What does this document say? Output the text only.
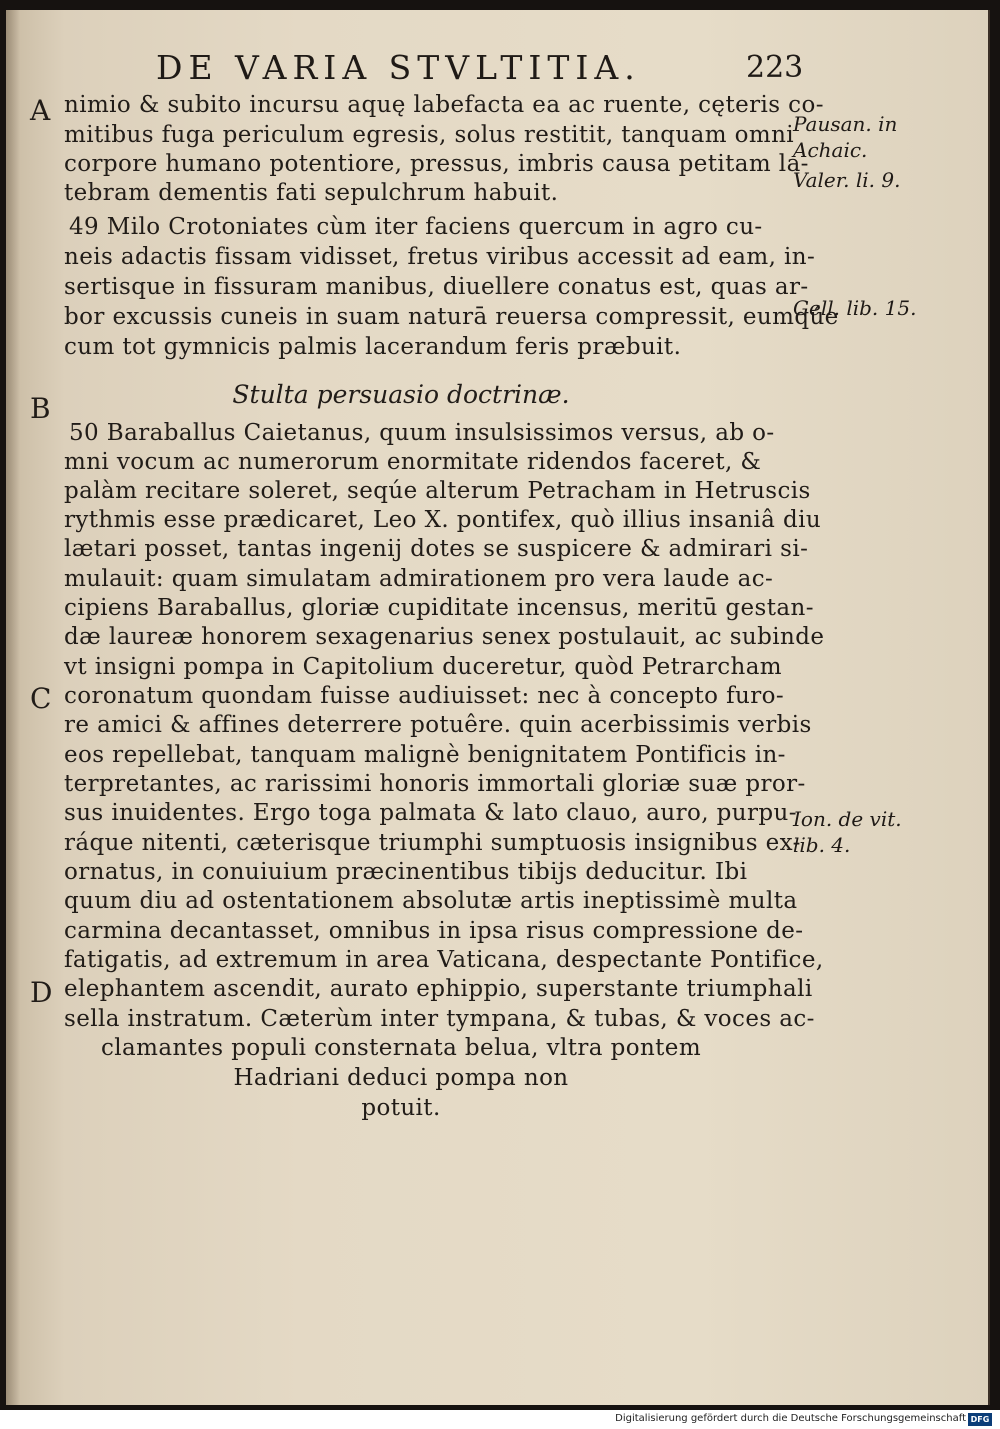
DE VARIA STVLTITIA.	223
A
B
C
D
nimio & subito incursu aquę labefacta ea ac ruente, cęteris co-
mitibus fuga periculum egresis, solus restitit, tanquam omni
corpore humano potentiore, pressus, imbris causa petitam la-
tebram dementis fati sepulchrum habuit.
49 Milo Crotoniates cùm iter faciens quercum in agro cu-
neis adactis fissam vidisset, fretus viribus accessit ad eam, in-
sertisque in fissuram manibus, diuellere conatus est, quas ar-
bor excussis cuneis in suam naturā reuersa compressit, eumqúe
cum tot gymnicis palmis lacerandum feris præbuit.
Stulta persuasio doctrinæ.
50 Baraballus Caietanus, quum insulsissimos versus, ab o-
mni vocum ac numerorum enormitate ridendos faceret, &
palàm recitare soleret, seqúe alterum Petracham in Hetruscis
rythmis esse prædicaret, Leo X. pontifex, quò illius insaniâ diu
lætari posset, tantas ingenij dotes se suspicere & admirari si-
mulauit: quam simulatam admirationem pro vera laude ac-
cipiens Baraballus, gloriæ cupiditate incensus, meritū gestan-
dæ laureæ honorem sexagenarius senex postulauit, ac subinde
vt insigni pompa in Capitolium duceretur, quòd Petrarcham
coronatum quondam fuisse audiuisset: nec à concepto furo-
re amici & affines deterrere potuêre. quin acerbissimis verbis
eos repellebat, tanquam malignè benignitatem Pontificis in-
terpretantes, ac rarissimi honoris immortali gloriæ suæ pror-
sus inuidentes. Ergo toga palmata & lato clauo, auro, purpu-
ráque nitenti, cæterisque triumphi sumptuosis insignibus ex-
ornatus, in conuiuium præcinentibus tibijs deducitur. Ibi
quum diu ad ostentationem absolutæ artis ineptissimè multa
carmina decantasset, omnibus in ipsa risus compressione de-
fatigatis, ad extremum in area Vaticana, despectante Pontifice,
elephantem ascendit, aurato ephippio, superstante triumphali
sella instratum. Cæterùm inter tympana, & tubas, & voces ac-
clamantes populi consternata belua, vltra pontem
Hadriani deduci pompa non
potuit.
Pausan. in
Achaic.
Valer. li. 9.
Gell. lib. 15.
Ion. de vit.
lib. 4.
Digitalisierung gefördert durch die Deutsche Forschungsgemeinschaft DFG
